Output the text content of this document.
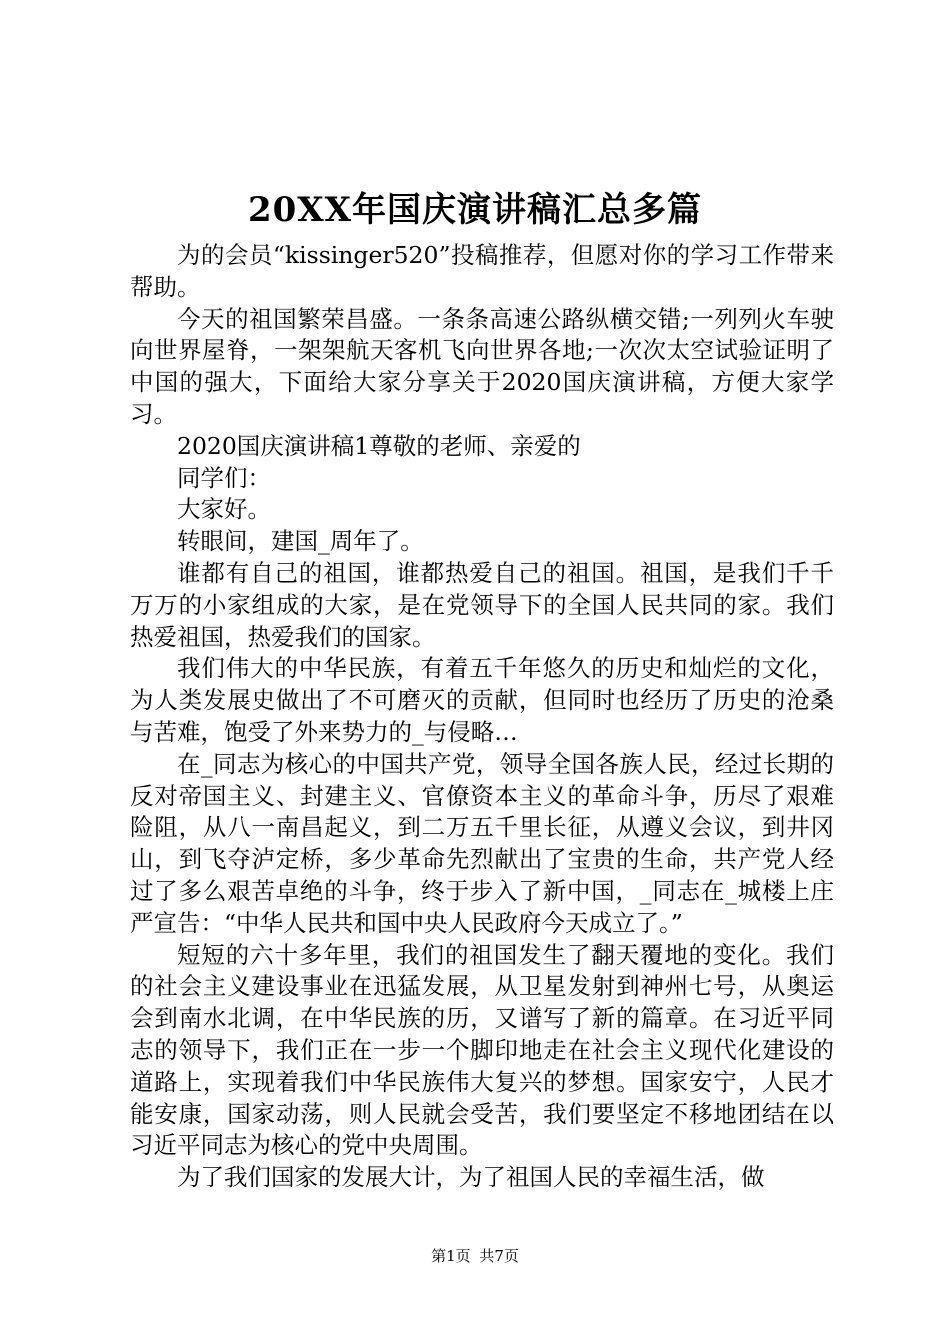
20XX年国庆演讲稿汇总多篇

为的会员“kissinger520”投稿推荐，但愿对你的学习工作带来帮助。

今天的祖国繁荣昌盛。一条条高速公路纵横交错;一列列火车驶向世界屋脊，一架架航天客机飞向世界各地;一次次太空试验证明了中国的强大，下面给大家分享关于2020国庆演讲稿，方便大家学习。

2020国庆演讲稿1尊敬的老师、亲爱的

同学们：

大家好。

转眼间，建国_周年了。

谁都有自己的祖国，谁都热爱自己的祖国。祖国，是我们千千万万的小家组成的大家，是在党领导下的全国人民共同的家。我们热爱祖国，热爱我们的国家。

我们伟大的中华民族，有着五千年悠久的历史和灿烂的文化，为人类发展史做出了不可磨灭的贡献，但同时也经历了历史的沧桑与苦难，饱受了外来势力的_与侵略…

在_同志为核心的中国共产党，领导全国各族人民，经过长期的反对帝国主义、封建主义、官僚资本主义的革命斗争，历尽了艰难险阻，从八一南昌起义，到二万五千里长征，从遵义会议，到井冈山，到飞夺泸定桥，多少革命先烈献出了宝贵的生命，共产党人经过了多么艰苦卓绝的斗争，终于步入了新中国，_同志在_城楼上庄严宣告：“中华人民共和国中央人民政府今天成立了。”

短短的六十多年里，我们的祖国发生了翻天覆地的变化。我们的社会主义建设事业在迅猛发展，从卫星发射到神州七号，从奥运会到南水北调，在中华民族的历，又谱写了新的篇章。在习近平同志的领导下，我们正在一步一个脚印地走在社会主义现代化建设的道路上，实现着我们中华民族伟大复兴的梦想。国家安宁，人民才能安康，国家动荡，则人民就会受苦，我们要坚定不移地团结在以习近平同志为核心的党中央周围。

为了我们国家的发展大计，为了祖国人民的幸福生活，做

第1页 共7页
